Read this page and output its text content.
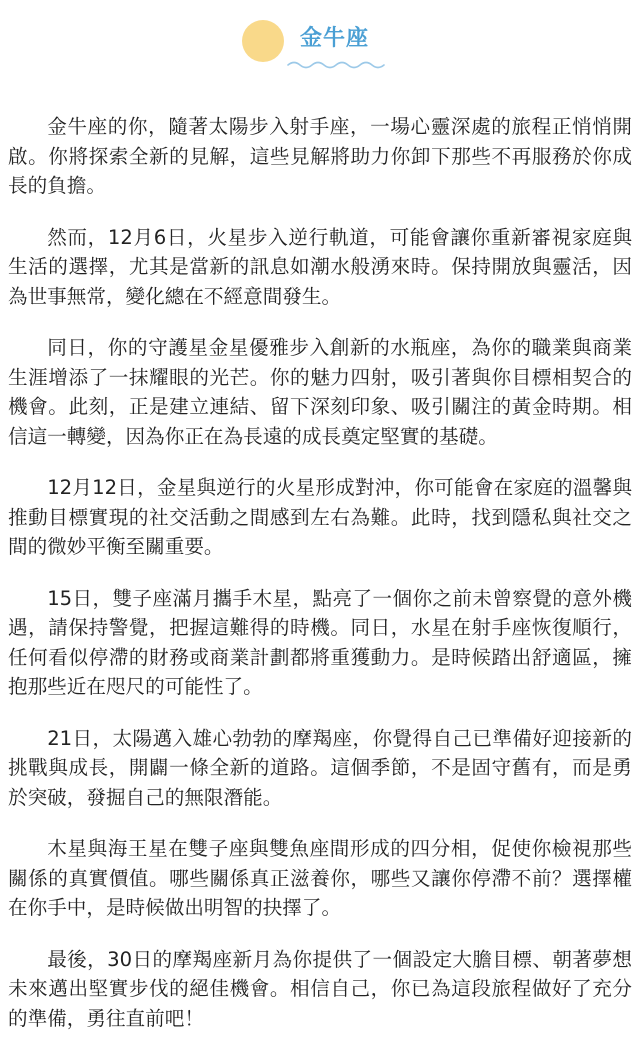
金牛座

金牛座的你，隨著太陽步入射手座，一場心靈深處的旅程正悄悄開啟。你將探索全新的見解，這些見解將助力你卸下那些不再服務於你成長的負擔。

然而，12月6日，火星步入逆行軌道，可能會讓你重新審視家庭與生活的選擇，尤其是當新的訊息如潮水般湧來時。保持開放與靈活，因為世事無常，變化總在不經意間發生。

同日，你的守護星金星優雅步入創新的水瓶座，為你的職業與商業生涯增添了一抹耀眼的光芒。你的魅力四射，吸引著與你目標相契合的機會。此刻，正是建立連結、留下深刻印象、吸引關注的黃金時期。相信這一轉變，因為你正在為長遠的成長奠定堅實的基礎。

12月12日，金星與逆行的火星形成對沖，你可能會在家庭的溫馨與推動目標實現的社交活動之間感到左右為難。此時，找到隱私與社交之間的微妙平衡至關重要。

15日，雙子座滿月攜手木星，點亮了一個你之前未曾察覺的意外機遇，請保持警覺，把握這難得的時機。同日，水星在射手座恢復順行，任何看似停滯的財務或商業計劃都將重獲動力。是時候踏出舒適區，擁抱那些近在咫尺的可能性了。

21日，太陽邁入雄心勃勃的摩羯座，你覺得自己已準備好迎接新的挑戰與成長，開闢一條全新的道路。這個季節，不是固守舊有，而是勇於突破，發掘自己的無限潛能。

木星與海王星在雙子座與雙魚座間形成的四分相，促使你檢視那些關係的真實價值。哪些關係真正滋養你，哪些又讓你停滯不前？選擇權在你手中，是時候做出明智的抉擇了。

最後，30日的摩羯座新月為你提供了一個設定大膽目標、朝著夢想未來邁出堅實步伐的絕佳機會。相信自己，你已為這段旅程做好了充分的準備，勇往直前吧！
